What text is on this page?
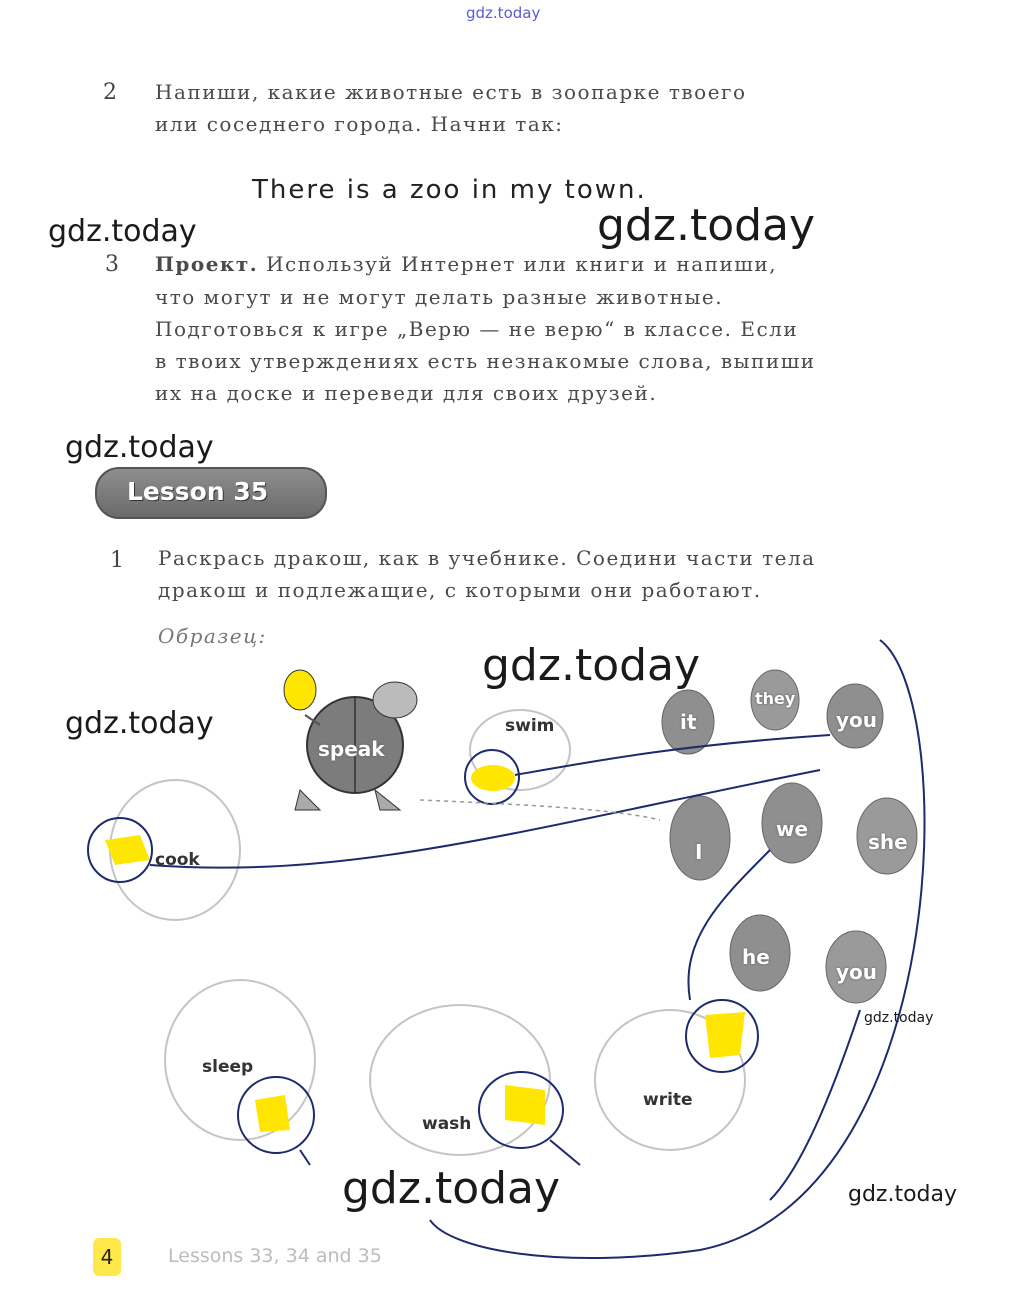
gdz.today
2 Напиши, какие животные есть в зоопарке твоего
или соседнего города. Начни так:
There is a zoo in my town.
gdz.today	gdz.today
3 Проект. Используй Интернет или книги и напиши,
что могут и не могут делать разные животные.
Подготовься к игре „Верю — не верю“ в классе. Если
в твоих утверждениях есть незнакомые слова, выпиши
их на доске и переведи для своих друзей.
gdz.today
Lesson 35
1 Раскрась дракош, как в учебнике. Соедини части тела
дракош и подлежащие, с которыми они работают.
Образец:
gdz.today
gdz.today
speak
swim
cook
sleep
wash
write
it
they
you
I
we
she
he
you
gdz.today
gdz.today	gdz.today
4	Lessons 33, 34 and 35
